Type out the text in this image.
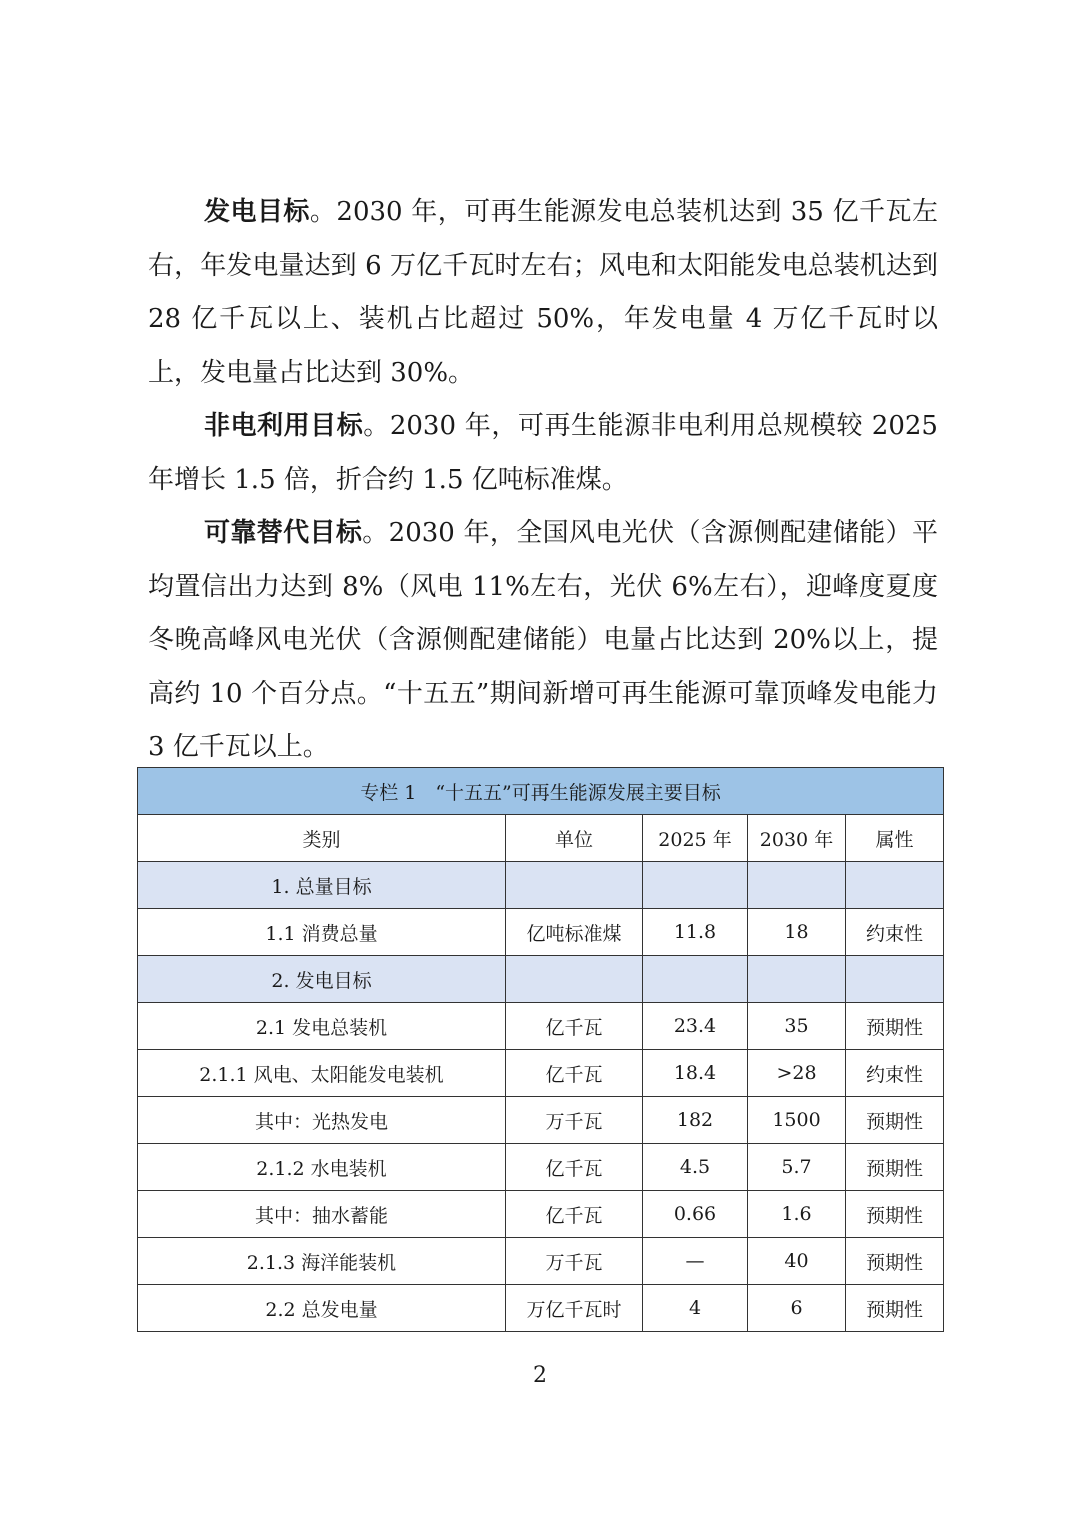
发电目标。2030 年，可再生能源发电总装机达到 35 亿千瓦左右，年发电量达到 6 万亿千瓦时左右；风电和太阳能发电总装机达到 28 亿千瓦以上、装机占比超过 50%，年发电量 4 万亿千瓦时以上，发电量占比达到 30%。

非电利用目标。2030 年，可再生能源非电利用总规模较 2025 年增长 1.5 倍，折合约 1.5 亿吨标准煤。

可靠替代目标。2030 年，全国风电光伏（含源侧配建储能）平均置信出力达到 8%（风电 11%左右，光伏 6%左右），迎峰度夏度冬晚高峰风电光伏（含源侧配建储能）电量占比达到 20%以上，提高约 10 个百分点。“十五五”期间新增可再生能源可靠顶峰发电能力 3 亿千瓦以上。

专栏 1　“十五五”可再生能源发展主要目标				
类别	单位	2025 年	2030 年	属性
1. 总量目标				
1.1 消费总量	亿吨标准煤	11.8	18	约束性
2. 发电目标				
2.1 发电总装机	亿千瓦	23.4	35	预期性
2.1.1 风电、太阳能发电装机	亿千瓦	18.4	>28	约束性
其中：光热发电	万千瓦	182	1500	预期性
2.1.2 水电装机	亿千瓦	4.5	5.7	预期性
其中：抽水蓄能	亿千瓦	0.66	1.6	预期性
2.1.3 海洋能装机	万千瓦	—	40	预期性
2.2 总发电量	万亿千瓦时	4	6	预期性
2
